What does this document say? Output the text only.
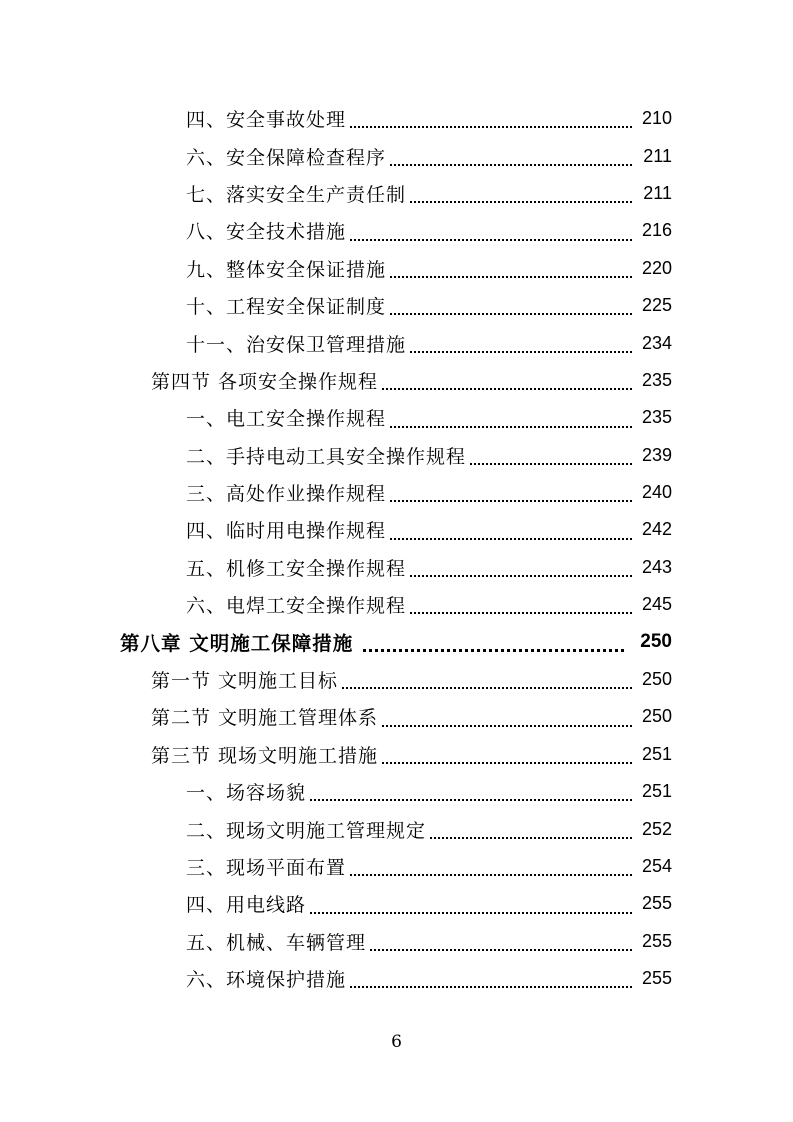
四、安全事故处理	210
六、安全保障检查程序	211
七、落实安全生产责任制	211
八、安全技术措施	216
九、整体安全保证措施	220
十、工程安全保证制度	225
十一、治安保卫管理措施	234
第四节 各项安全操作规程	235
一、电工安全操作规程	235
二、手持电动工具安全操作规程	239
三、高处作业操作规程	240
四、临时用电操作规程	242
五、机修工安全操作规程	243
六、电焊工安全操作规程	245
第八章 文明施工保障措施	250
第一节 文明施工目标	250
第二节 文明施工管理体系	250
第三节 现场文明施工措施	251
一、场容场貌	251
二、现场文明施工管理规定	252
三、现场平面布置	254
四、用电线路	255
五、机械、车辆管理	255
六、环境保护措施	255
6
